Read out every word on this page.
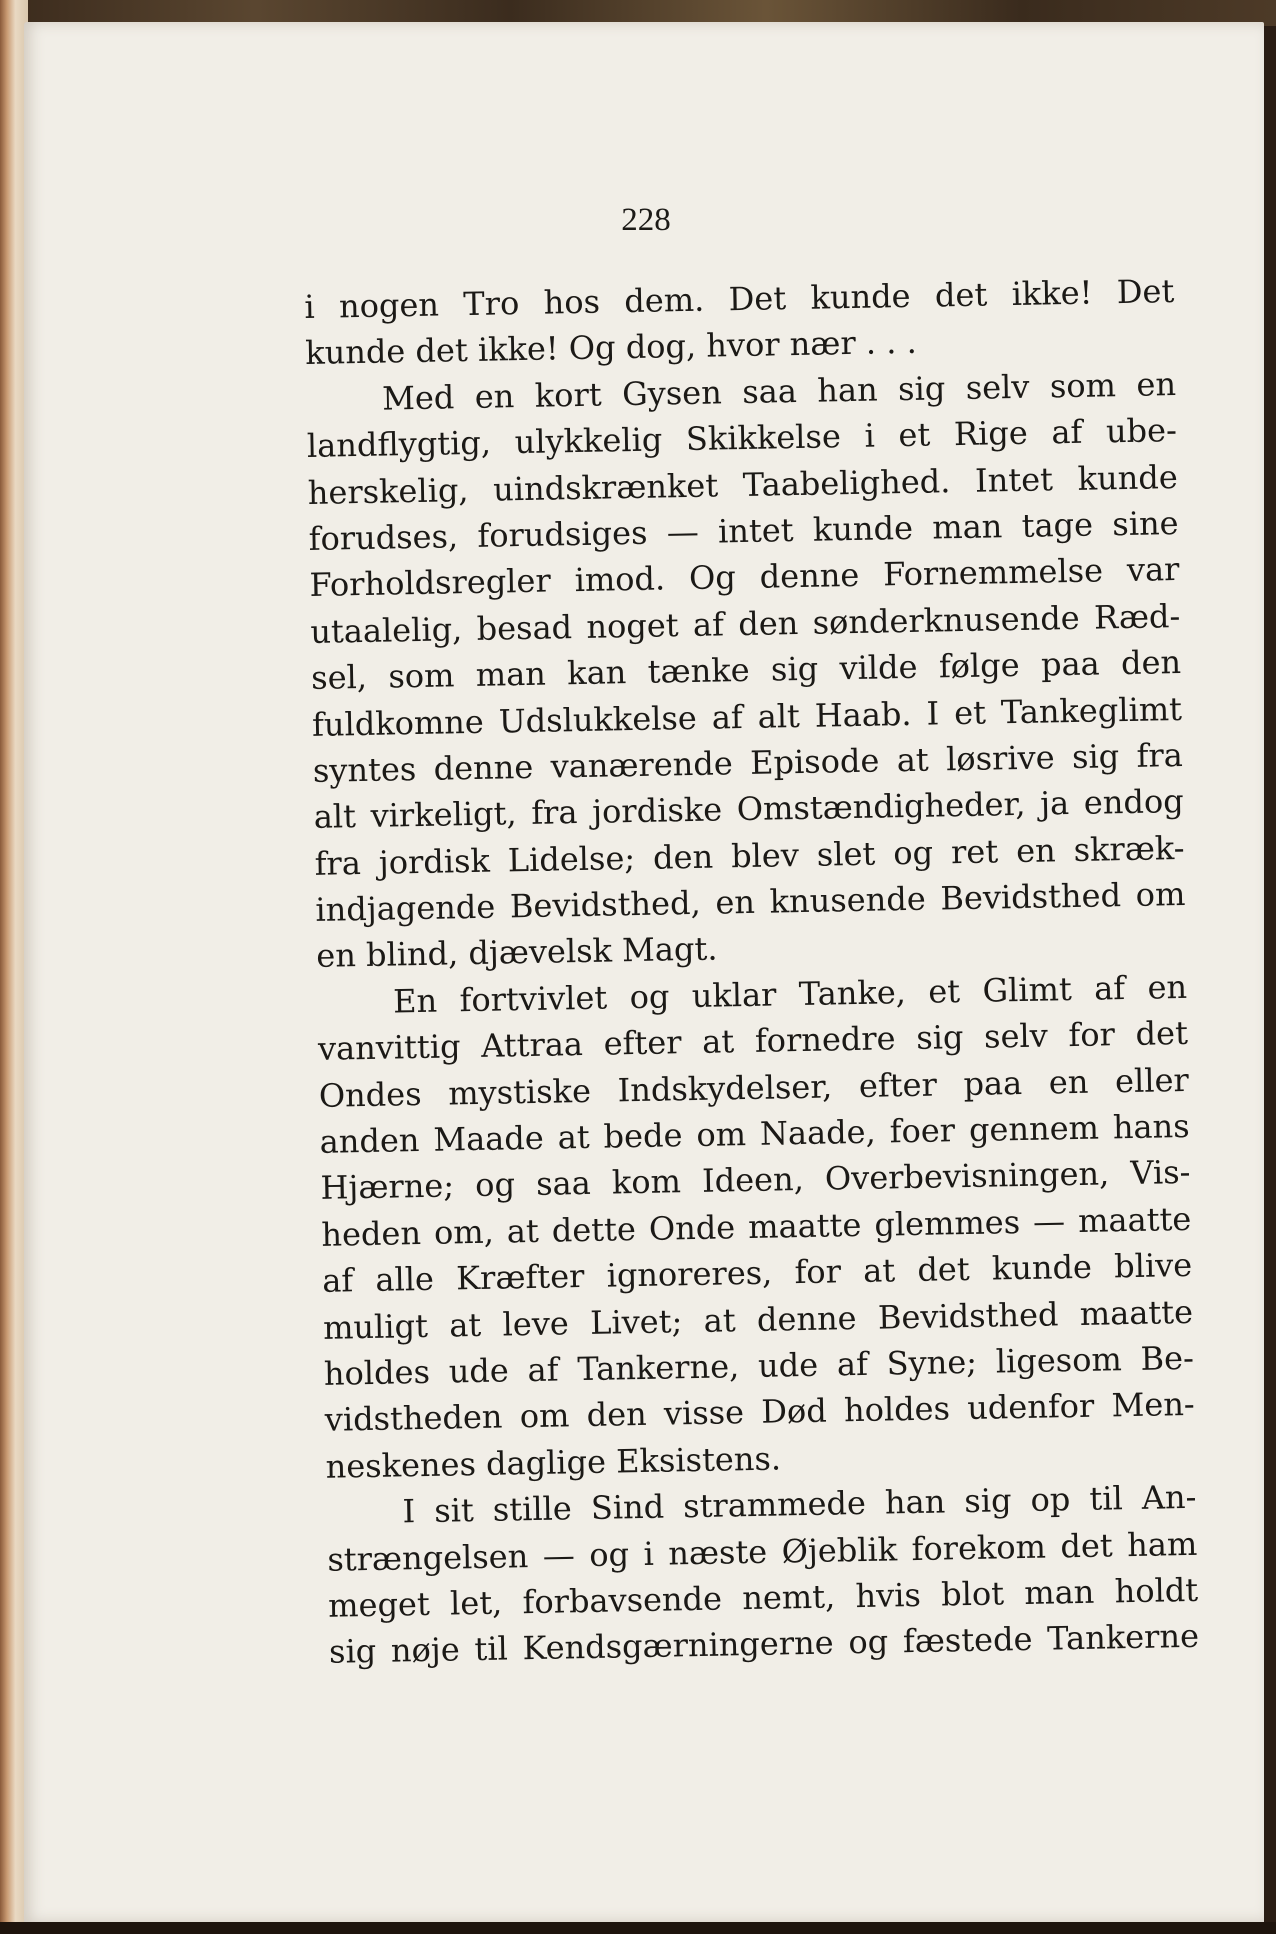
228
i nogen Tro hos dem. Det kunde det ikke! Det
kunde det ikke! Og dog, hvor nær . . .
Med en kort Gysen saa han sig selv som en
landflygtig, ulykkelig Skikkelse i et Rige af ube-
herskelig, uindskrænket Taabelighed. Intet kunde
forudses, forudsiges — intet kunde man tage sine
Forholdsregler imod. Og denne Fornemmelse var
utaalelig, besad noget af den sønderknusende Ræd-
sel, som man kan tænke sig vilde følge paa den
fuldkomne Udslukkelse af alt Haab. I et Tankeglimt
syntes denne vanærende Episode at løsrive sig fra
alt virkeligt, fra jordiske Omstændigheder, ja endog
fra jordisk Lidelse; den blev slet og ret en skræk-
indjagende Bevidsthed, en knusende Bevidsthed om
en blind, djævelsk Magt.
En fortvivlet og uklar Tanke, et Glimt af en
vanvittig Attraa efter at fornedre sig selv for det
Ondes mystiske Indskydelser, efter paa en eller
anden Maade at bede om Naade, foer gennem hans
Hjærne; og saa kom Ideen, Overbevisningen, Vis-
heden om, at dette Onde maatte glemmes — maatte
af alle Kræfter ignoreres, for at det kunde blive
muligt at leve Livet; at denne Bevidsthed maatte
holdes ude af Tankerne, ude af Syne; ligesom Be-
vidstheden om den visse Død holdes udenfor Men-
neskenes daglige Eksistens.
I sit stille Sind strammede han sig op til An-
strængelsen — og i næste Øjeblik forekom det ham
meget let, forbavsende nemt, hvis blot man holdt
sig nøje til Kendsgærningerne og fæstede Tankerne
